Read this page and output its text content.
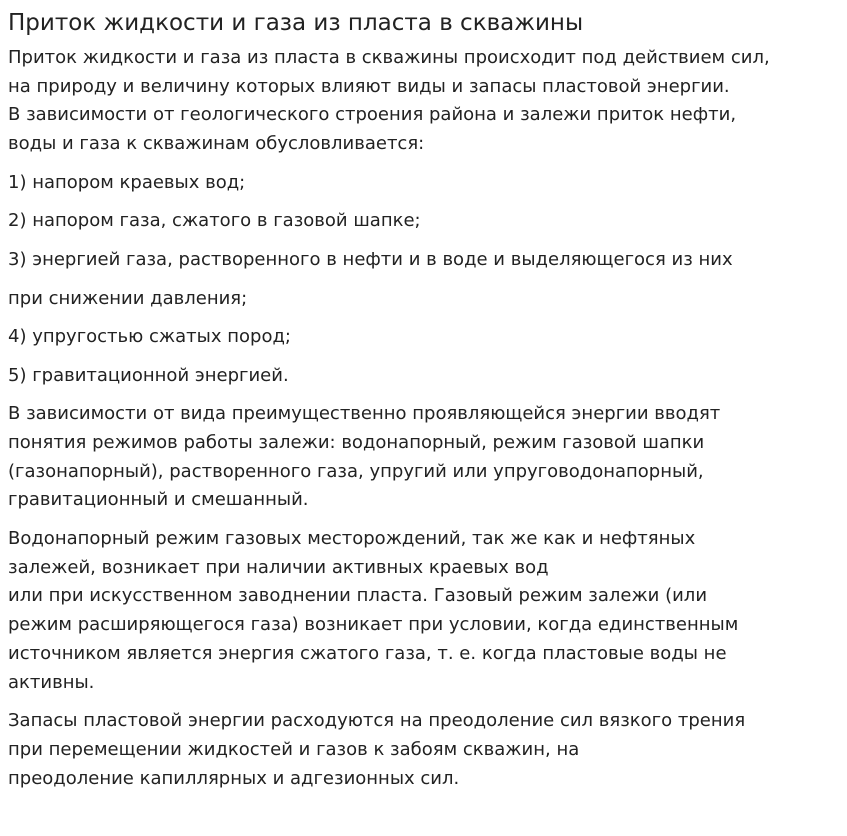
Приток жидкости и газа из пласта в скважины

Приток жидкости и газа из пласта в скважины происходит под действием сил,
на природу и величину которых влияют виды и запасы пластовой энергии.
В зависимости от геологического строения района и залежи приток нефти,
воды и газа к скважинам обусловливается:

1) напором краевых вод;

2) напором газа, сжатого в газовой шапке;

3) энергией газа, растворенного в нефти и в воде и выделяющегося из них

при снижении давления;

4) упругостью сжатых пород;

5) гравитационной энергией.

В зависимости от вида преимущественно проявляющейся энергии вводят
понятия режимов работы залежи: водонапорный, режим газовой шапки
(газонапорный), растворенного газа, упругий или упруговодонапорный,
гравитационный и смешанный.

Водонапорный режим газовых месторождений, так же как и нефтяных
залежей, возникает при наличии активных краевых вод
или при искусственном заводнении пласта. Газовый режим залежи (или
режим расширяющегося газа) возникает при условии, когда единственным
источником является энергия сжатого газа, т. е. когда пластовые воды не
активны.

Запасы пластовой энергии расходуются на преодоление сил вязкого трения
при перемещении жидкостей и газов к забоям скважин, на
преодоление капиллярных и адгезионных сил.
